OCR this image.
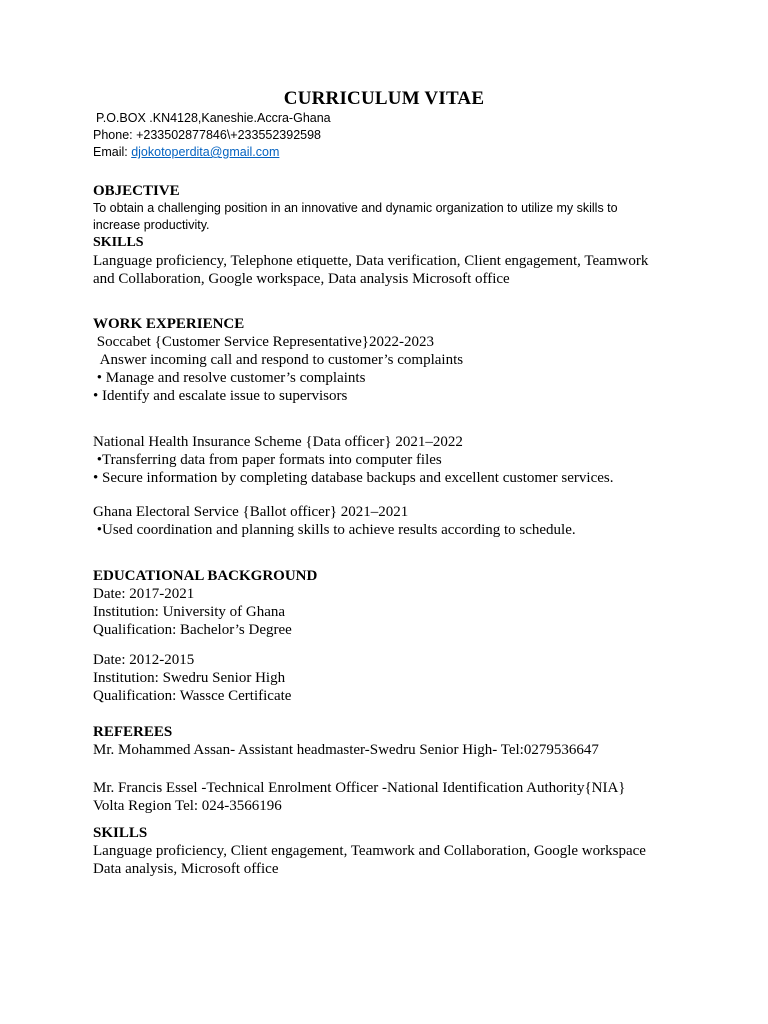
CURRICULUM VITAE
P.O.BOX .KN4128,Kaneshie.Accra-Ghana
Phone: +233502877846\+233552392598
Email: djokotoperdita@gmail.com
OBJECTIVE
To obtain a challenging position in an innovative and dynamic organization to utilize my skills to
increase productivity.
SKILLS
Language proficiency, Telephone etiquette, Data verification, Client engagement, Teamwork
and Collaboration, Google workspace, Data analysis Microsoft office
WORK EXPERIENCE
Soccabet {Customer Service Representative}2022-2023
Answer incoming call and respond to customer’s complaints
• Manage and resolve customer’s complaints
• Identify and escalate issue to supervisors
National Health Insurance Scheme {Data officer} 2021–2022
•Transferring data from paper formats into computer files
• Secure information by completing database backups and excellent customer services.
Ghana Electoral Service {Ballot officer} 2021–2021
•Used coordination and planning skills to achieve results according to schedule.
EDUCATIONAL BACKGROUND
Date: 2017-2021
Institution: University of Ghana
Qualification: Bachelor’s Degree
Date: 2012-2015
Institution: Swedru Senior High
Qualification: Wassce Certificate
REFEREES
Mr. Mohammed Assan- Assistant headmaster-Swedru Senior High- Tel:0279536647
Mr. Francis Essel -Technical Enrolment Officer -National Identification Authority{NIA}
Volta Region Tel: 024-3566196
SKILLS
Language proficiency, Client engagement, Teamwork and Collaboration, Google workspace
Data analysis, Microsoft office
